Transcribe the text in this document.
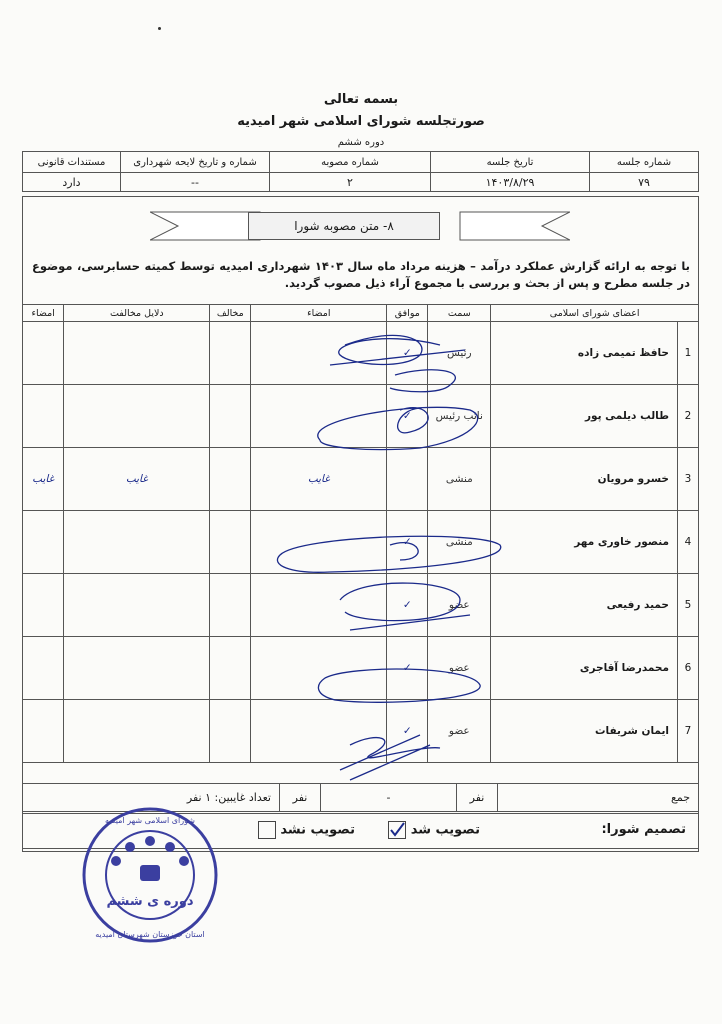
بسمه تعالی
صورتجلسه شورای اسلامی شهر امیدیه
دوره ششم
شماره جلسه	تاریخ جلسه	شماره مصوبه	شماره و تاریخ لایحه شهرداری	مستندات قانونی
۷۹	۱۴۰۳/۸/۲۹	۲	--	دارد
۸- متن مصوبه شورا
با توجه به ارائه گزارش عملکرد درآمد – هزینه مرداد ماه سال ۱۴۰۳ شهرداری امیدیه توسط کمیته حسابرسی، موضوع در جلسه مطرح و پس از بحث و بررسی با مجموع آراء ذیل مصوب گردید.
اعضای شورای اسلامی		سمت	موافق	امضاء	مخالف	دلایل مخالفت	امضاء
1	حافظ تمیمی زاده	رئیس	✓				
2	طالب دیلمی پور	نائب رئیس	✓				
3	خسرو مرویان	منشی		غایب		غایب	غایب
4	منصور خاوری مهر	منشی	✓				
5	حمید رفیعی	عضو	✓				
6	محمدرضا آقاجری	عضو	✓				
7	ایمان شریفات	عضو	✓				
جمع	نفر	-	نفر	تعداد غایبین: ۱ نفر
تصمیم شورا:
تصویب شد
تصویب نشد
دوره ی ششم
شورای اسلامی شهر امیدیه
استان خوزستان شهرستان امیدیه
